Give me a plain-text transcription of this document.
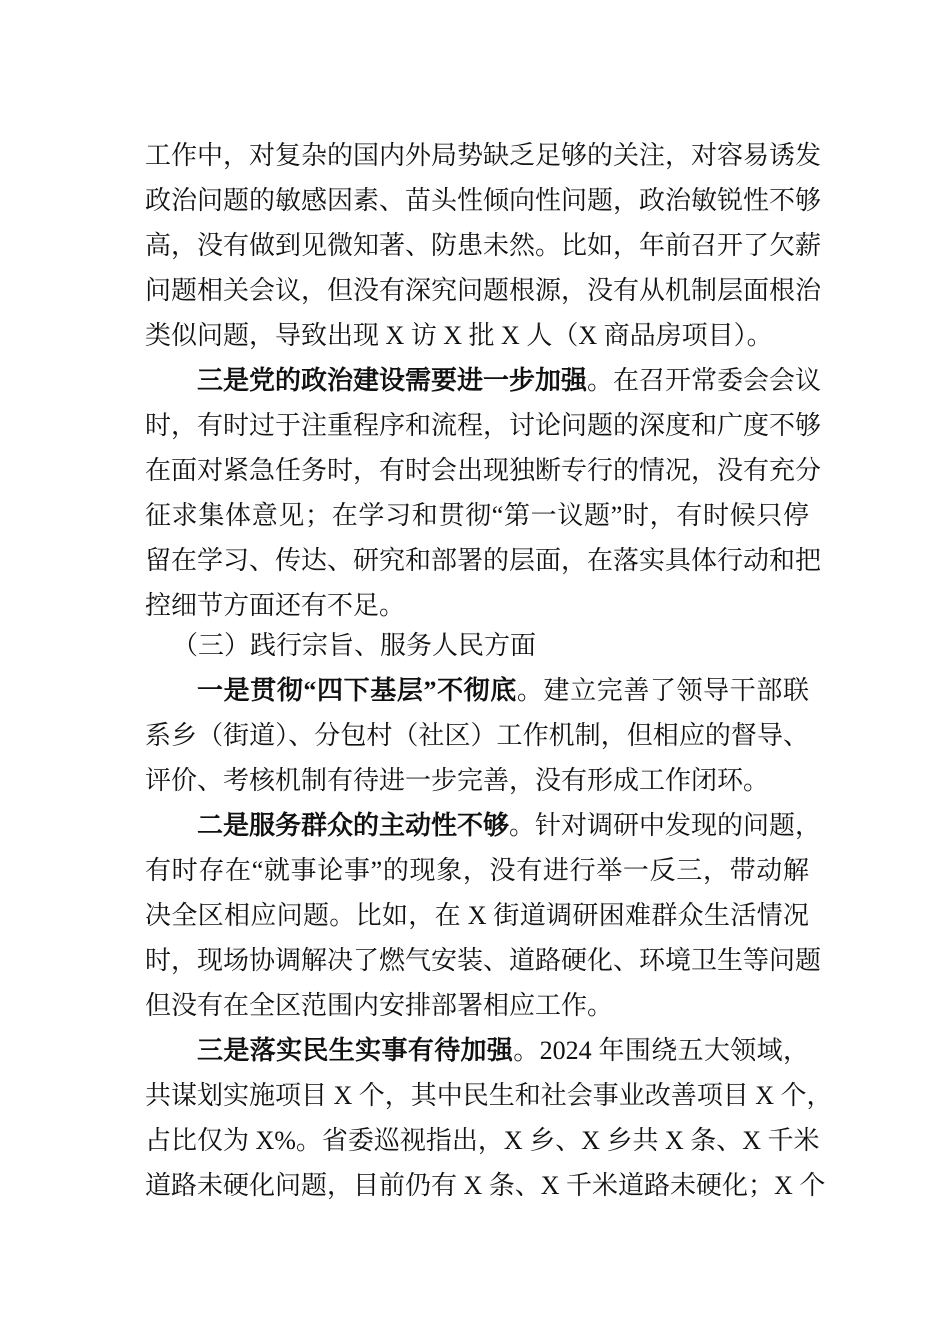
工作中，对复杂的国内外局势缺乏足够的关注，对容易诱发
政治问题的敏感因素、苗头性倾向性问题，政治敏锐性不够
高，没有做到见微知著、防患未然。比如，年前召开了欠薪
问题相关会议，但没有深究问题根源，没有从机制层面根治
类似问题，导致出现 X 访 X 批 X 人（X 商品房项目）。
三是党的政治建设需要进一步加强。在召开常委会会议
时，有时过于注重程序和流程，讨论问题的深度和广度不够
在面对紧急任务时，有时会出现独断专行的情况，没有充分
征求集体意见；在学习和贯彻“第一议题”时，有时候只停
留在学习、传达、研究和部署的层面，在落实具体行动和把
控细节方面还有不足。
（三）践行宗旨、服务人民方面
一是贯彻“四下基层”不彻底。建立完善了领导干部联
系乡（街道）、分包村（社区）工作机制，但相应的督导、
评价、考核机制有待进一步完善，没有形成工作闭环。
二是服务群众的主动性不够。针对调研中发现的问题，
有时存在“就事论事”的现象，没有进行举一反三，带动解
决全区相应问题。比如，在 X 街道调研困难群众生活情况
时，现场协调解决了燃气安装、道路硬化、环境卫生等问题
但没有在全区范围内安排部署相应工作。
三是落实民生实事有待加强。2024 年围绕五大领域，
共谋划实施项目 X 个，其中民生和社会事业改善项目 X 个，
占比仅为 X%。省委巡视指出，X 乡、X 乡共 X 条、X 千米
道路未硬化问题，目前仍有 X 条、X 千米道路未硬化；X 个
